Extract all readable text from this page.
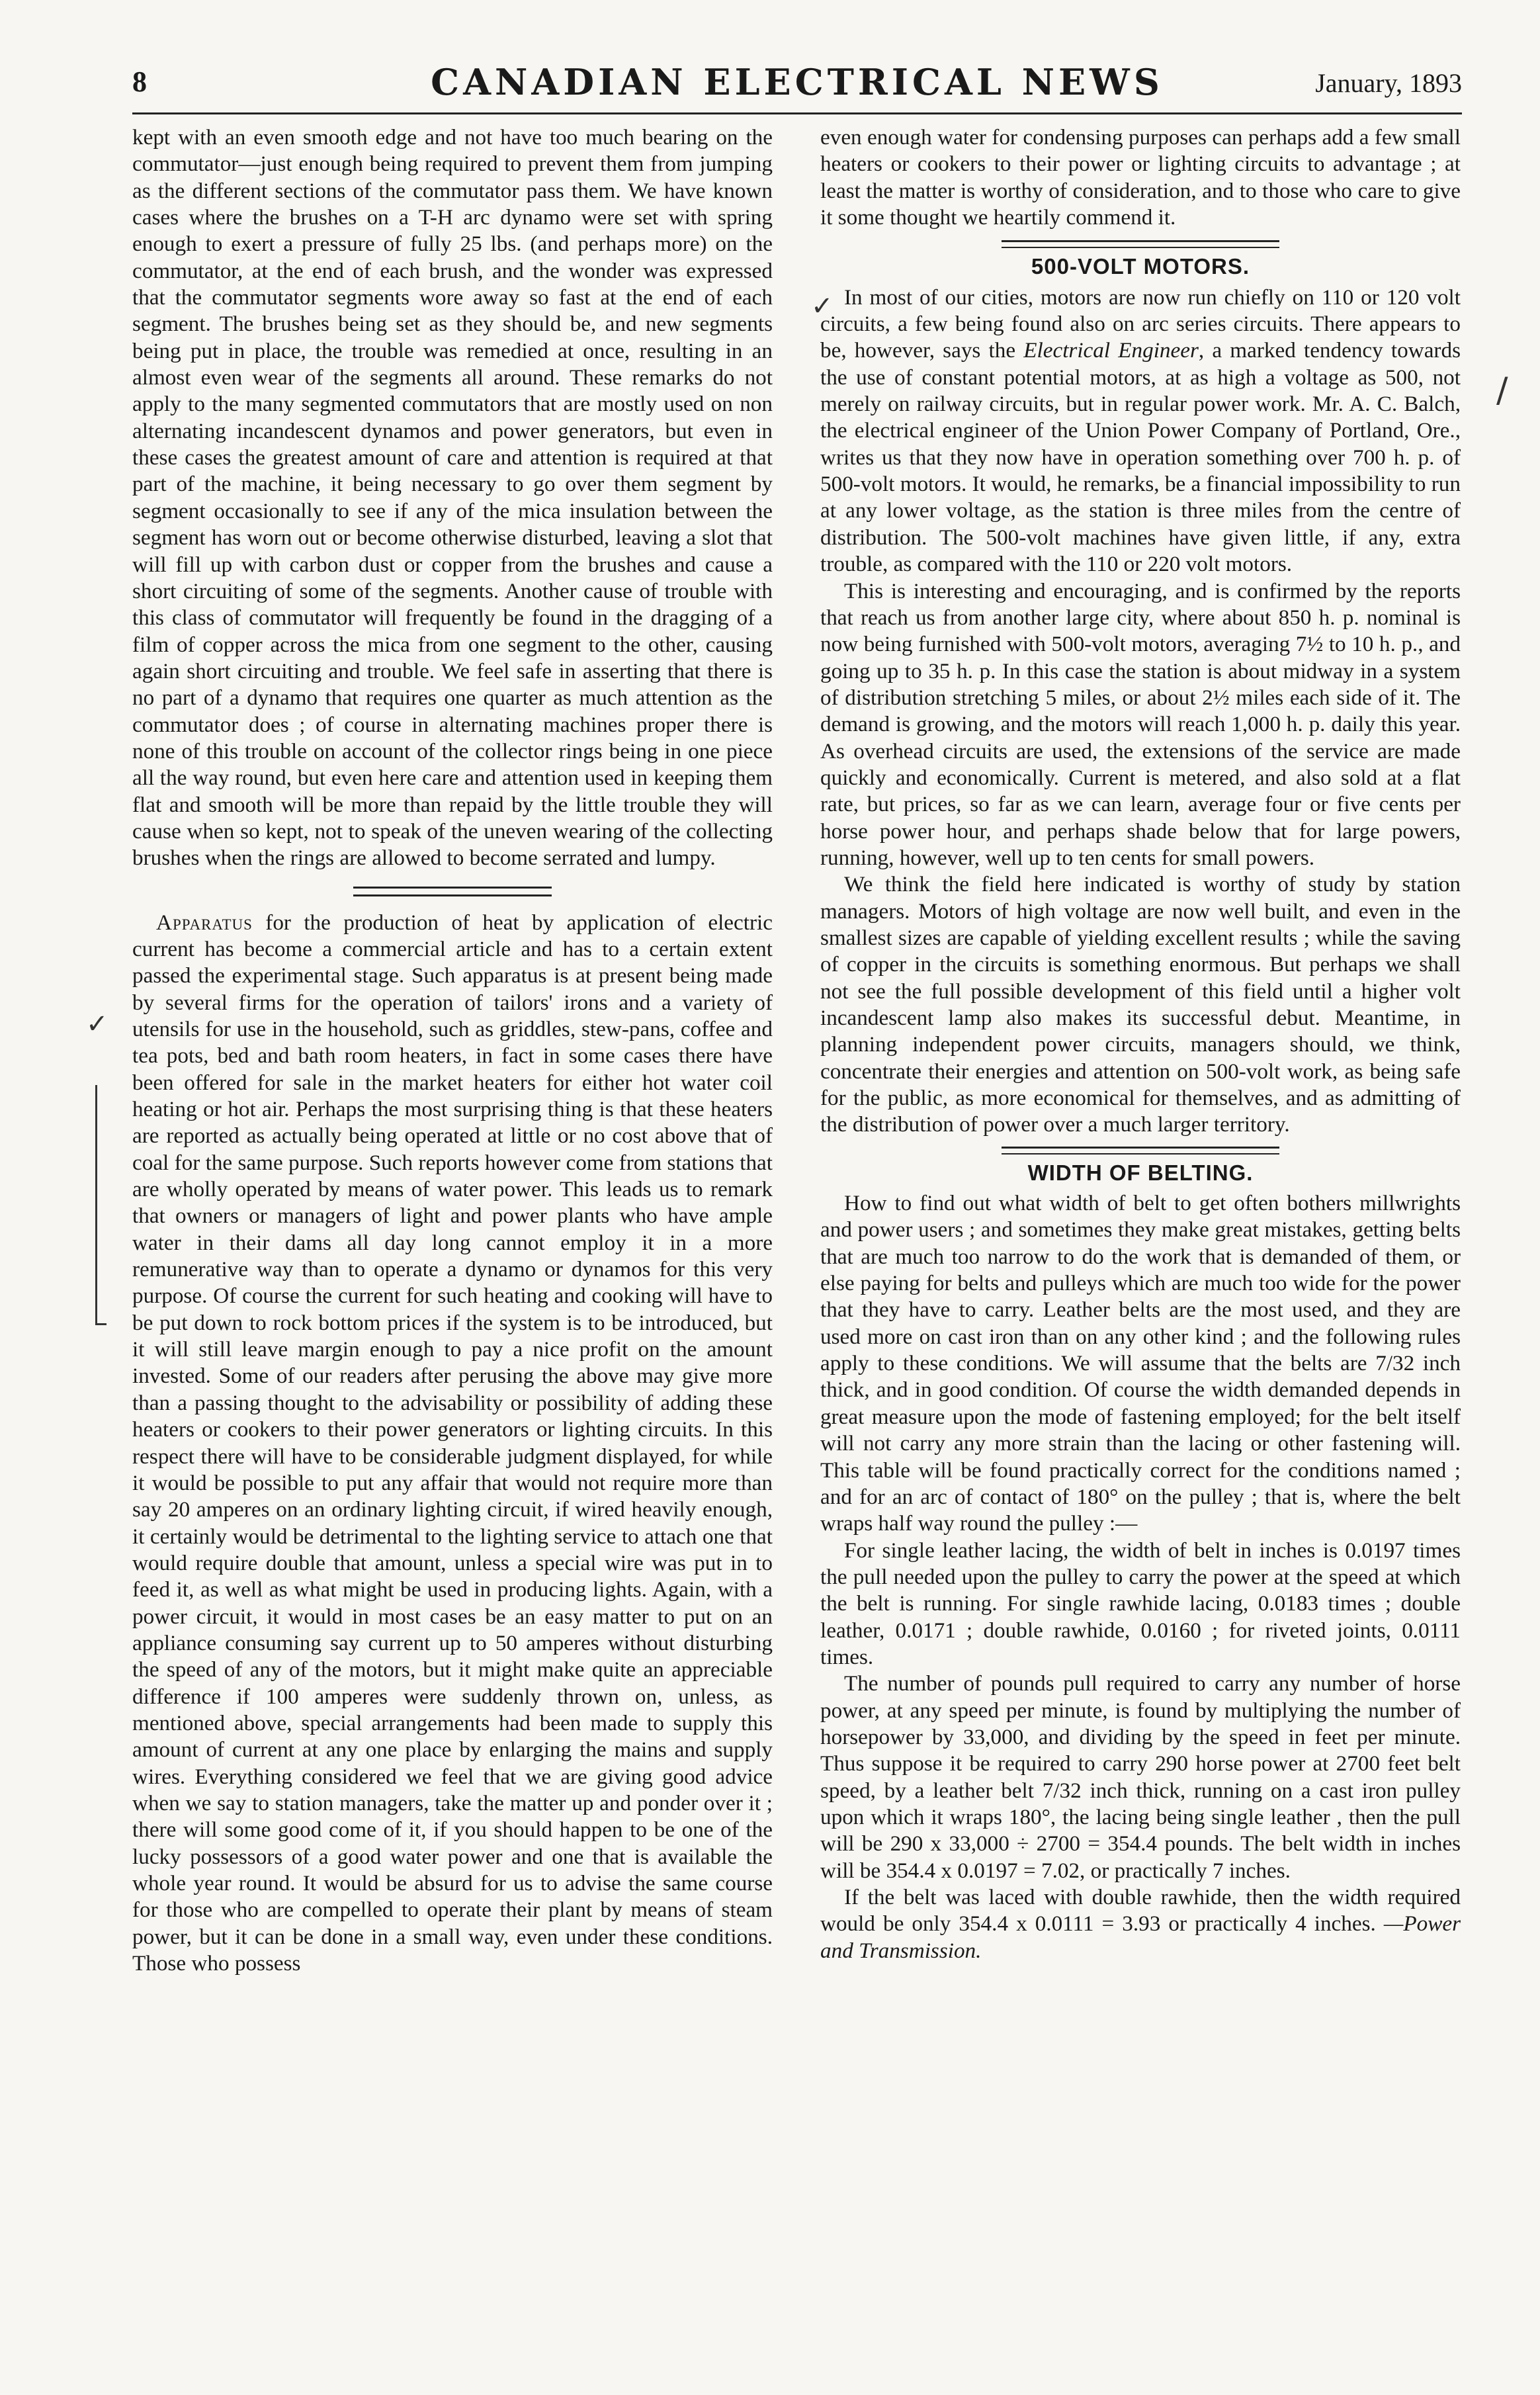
8	CANADIAN ELECTRICAL NEWS	January, 1893

kept with an even smooth edge and not have too much bearing on the commutator—just enough being required to prevent them from jumping as the different sections of the commutator pass them. We have known cases where the brushes on a T-H arc dynamo were set with spring enough to exert a pressure of fully 25 lbs. (and perhaps more) on the commutator, at the end of each brush, and the wonder was expressed that the commutator segments wore away so fast at the end of each segment. The brushes being set as they should be, and new segments being put in place, the trouble was remedied at once, resulting in an almost even wear of the segments all around. These remarks do not apply to the many segmented commutators that are mostly used on non alternating incandescent dynamos and power generators, but even in these cases the greatest amount of care and attention is required at that part of the machine, it being necessary to go over them segment by segment occasionally to see if any of the mica insulation between the segment has worn out or become otherwise disturbed, leaving a slot that will fill up with carbon dust or copper from the brushes and cause a short circuiting of some of the segments. Another cause of trouble with this class of commutator will frequently be found in the dragging of a film of copper across the mica from one segment to the other, causing again short circuiting and trouble. We feel safe in asserting that there is no part of a dynamo that requires one quarter as much attention as the commutator does ; of course in alternating machines proper there is none of this trouble on account of the collector rings being in one piece all the way round, but even here care and attention used in keeping them flat and smooth will be more than repaid by the little trouble they will cause when so kept, not to speak of the uneven wearing of the collecting brushes when the rings are allowed to become serrated and lumpy.

Apparatus for the production of heat by application of electric current has become a commercial article and has to a certain extent passed the experimental stage. Such apparatus is at present being made by several firms for the operation of tailors' irons and a variety of utensils for use in the household, such as griddles, stew-pans, coffee and tea pots, bed and bath room heaters, in fact in some cases there have been offered for sale in the market heaters for either hot water coil heating or hot air. Perhaps the most surprising thing is that these heaters are reported as actually being operated at little or no cost above that of coal for the same purpose. Such reports however come from stations that are wholly operated by means of water power. This leads us to remark that owners or managers of light and power plants who have ample water in their dams all day long cannot employ it in a more remunerative way than to operate a dynamo or dynamos for this very purpose. Of course the current for such heating and cooking will have to be put down to rock bottom prices if the system is to be introduced, but it will still leave margin enough to pay a nice profit on the amount invested. Some of our readers after perusing the above may give more than a passing thought to the advisability or possibility of adding these heaters or cookers to their power generators or lighting circuits. In this respect there will have to be considerable judgment displayed, for while it would be possible to put any affair that would not require more than say 20 amperes on an ordinary lighting circuit, if wired heavily enough, it certainly would be detrimental to the lighting service to attach one that would require double that amount, unless a special wire was put in to feed it, as well as what might be used in producing lights. Again, with a power circuit, it would in most cases be an easy matter to put on an appliance consuming say current up to 50 amperes without disturbing the speed of any of the motors, but it might make quite an appreciable difference if 100 amperes were suddenly thrown on, unless, as mentioned above, special arrangements had been made to supply this amount of current at any one place by enlarging the mains and supply wires. Everything considered we feel that we are giving good advice when we say to station managers, take the matter up and ponder over it ; there will some good come of it, if you should happen to be one of the lucky possessors of a good water power and one that is available the whole year round. It would be absurd for us to advise the same course for those who are compelled to operate their plant by means of steam power, but it can be done in a small way, even under these conditions. Those who possess

even enough water for condensing purposes can perhaps add a few small heaters or cookers to their power or lighting circuits to advantage ; at least the matter is worthy of consideration, and to those who care to give it some thought we heartily commend it.

500-VOLT MOTORS.

In most of our cities, motors are now run chiefly on 110 or 120 volt circuits, a few being found also on arc series circuits. There appears to be, however, says the Electrical Engineer, a marked tendency towards the use of constant potential motors, at as high a voltage as 500, not merely on railway circuits, but in regular power work. Mr. A. C. Balch, the electrical engineer of the Union Power Company of Portland, Ore., writes us that they now have in operation something over 700 h. p. of 500-volt motors. It would, he remarks, be a financial impossibility to run at any lower voltage, as the station is three miles from the centre of distribution. The 500-volt machines have given little, if any, extra trouble, as compared with the 110 or 220 volt motors.

This is interesting and encouraging, and is confirmed by the reports that reach us from another large city, where about 850 h. p. nominal is now being furnished with 500-volt motors, averaging 7½ to 10 h. p., and going up to 35 h. p. In this case the station is about midway in a system of distribution stretching 5 miles, or about 2½ miles each side of it. The demand is growing, and the motors will reach 1,000 h. p. daily this year. As overhead circuits are used, the extensions of the service are made quickly and economically. Current is metered, and also sold at a flat rate, but prices, so far as we can learn, average four or five cents per horse power hour, and perhaps shade below that for large powers, running, however, well up to ten cents for small powers.

We think the field here indicated is worthy of study by station managers. Motors of high voltage are now well built, and even in the smallest sizes are capable of yielding excellent results ; while the saving of copper in the circuits is something enormous. But perhaps we shall not see the full possible development of this field until a higher volt incandescent lamp also makes its successful debut. Meantime, in planning independent power circuits, managers should, we think, concentrate their energies and attention on 500-volt work, as being safe for the public, as more economical for themselves, and as admitting of the distribution of power over a much larger territory.

WIDTH OF BELTING.

How to find out what width of belt to get often bothers millwrights and power users ; and sometimes they make great mistakes, getting belts that are much too narrow to do the work that is demanded of them, or else paying for belts and pulleys which are much too wide for the power that they have to carry. Leather belts are the most used, and they are used more on cast iron than on any other kind ; and the following rules apply to these conditions. We will assume that the belts are 7/32 inch thick, and in good condition. Of course the width demanded depends in great measure upon the mode of fastening employed; for the belt itself will not carry any more strain than the lacing or other fastening will. This table will be found practically correct for the conditions named ; and for an arc of contact of 180° on the pulley ; that is, where the belt wraps half way round the pulley :—

For single leather lacing, the width of belt in inches is 0.0197 times the pull needed upon the pulley to carry the power at the speed at which the belt is running. For single rawhide lacing, 0.0183 times ; double leather, 0.0171 ; double rawhide, 0.0160 ; for riveted joints, 0.0111 times.

The number of pounds pull required to carry any number of horse power, at any speed per minute, is found by multiplying the number of horsepower by 33,000, and dividing by the speed in feet per minute. Thus suppose it be required to carry 290 horse power at 2700 feet belt speed, by a leather belt 7/32 inch thick, running on a cast iron pulley upon which it wraps 180°, the lacing being single leather , then the pull will be 290 x 33,000 ÷ 2700 = 354.4 pounds. The belt width in inches will be 354.4 x 0.0197 = 7.02, or practically 7 inches.

If the belt was laced with double rawhide, then the width required would be only 354.4 x 0.0111 = 3.93 or practically 4 inches. —Power and Transmission.

✓
✓
/
